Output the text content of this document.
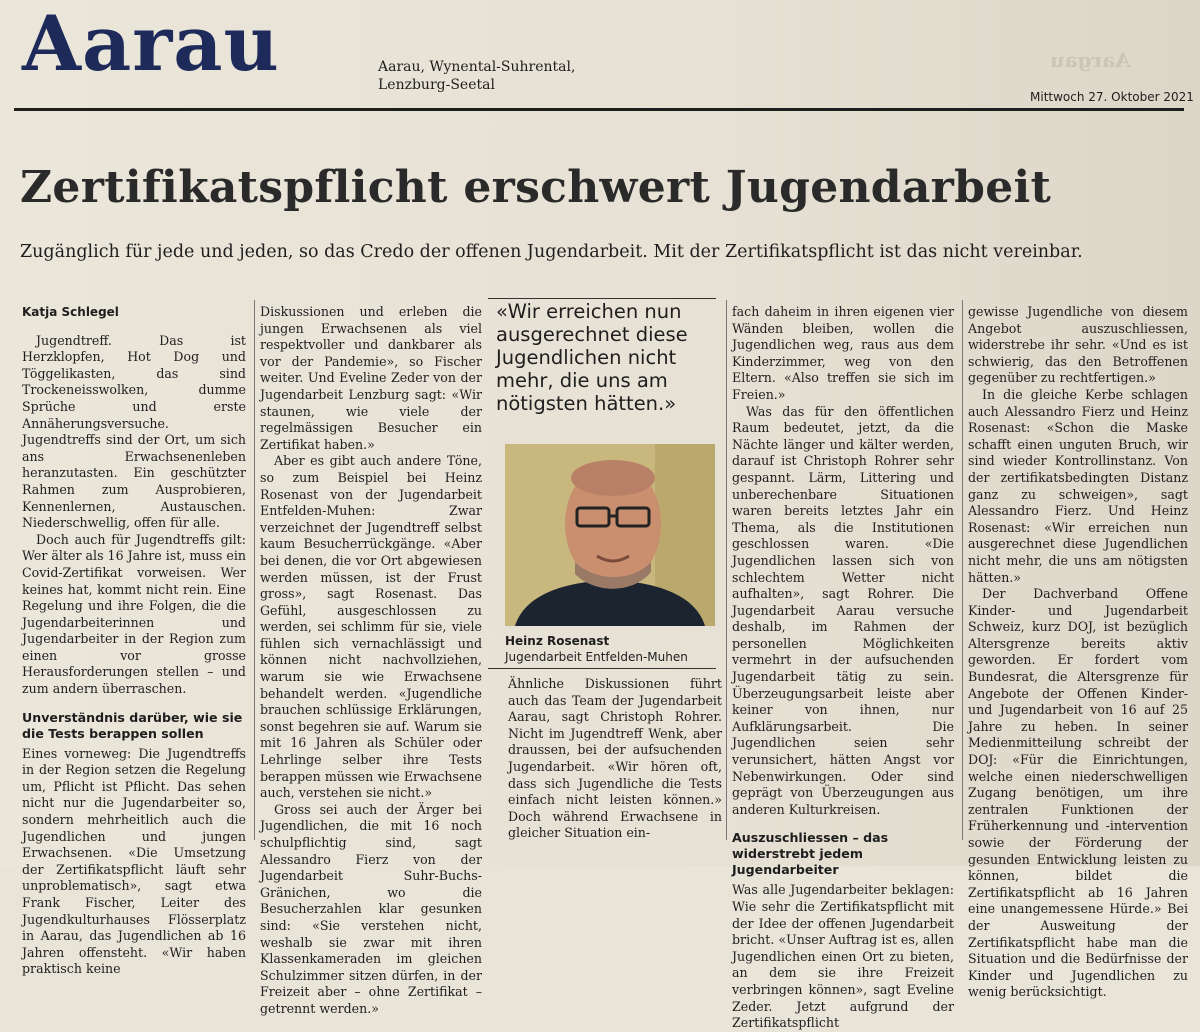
Aargau
Aarau	Aarau, Wynental-Suhrental,
Lenzburg-Seetal
Mittwoch 27. Oktober 2021
Zertifikatspflicht erschwert Jugendarbeit
Zugänglich für jede und jeden, so das Credo der offenen Jugendarbeit. Mit der Zertifikatspflicht ist das nicht vereinbar.

Katja Schlegel

Jugendtreff. Das ist Herzklopfen, Hot Dog und Töggelikasten, das sind Trockeneisswolken, dumme Sprüche und erste Annäherungsversuche. Jugendtreffs sind der Ort, um sich ans Erwachsenenleben heranzutasten. Ein geschützter Rahmen zum Ausprobieren, Kennenlernen, Austauschen. Niederschwellig, offen für alle.

Doch auch für Jugendtreffs gilt: Wer älter als 16 Jahre ist, muss ein Covid-Zertifikat vorweisen. Wer keines hat, kommt nicht rein. Eine Regelung und ihre Folgen, die die Jugendarbeiterinnen und Jugendarbeiter in der Region zum einen vor grosse Herausforderungen stellen – und zum andern überraschen.

Unverständnis darüber, wie sie die Tests berappen sollen

Eines vorneweg: Die Jugendtreffs in der Region setzen die Regelung um, Pflicht ist Pflicht. Das sehen nicht nur die Jugendarbeiter so, sondern mehrheitlich auch die Jugendlichen und jungen Erwachsenen. «Die Umsetzung der Zertifikatspflicht läuft sehr unproblematisch», sagt etwa Frank Fischer, Leiter des Jugendkulturhauses Flösserplatz in Aarau, das Jugendlichen ab 16 Jahren offensteht. «Wir haben praktisch keine

Diskussionen und erleben die jungen Erwachsenen als viel respektvoller und dankbarer als vor der Pandemie», so Fischer weiter. Und Eveline Zeder von der Jugendarbeit Lenzburg sagt: «Wir staunen, wie viele der regelmässigen Besucher ein Zertifikat haben.»

Aber es gibt auch andere Töne, so zum Beispiel bei Heinz Rosenast von der Jugendarbeit Entfelden-Muhen: Zwar verzeichnet der Jugendtreff selbst kaum Besucherrückgänge. «Aber bei denen, die vor Ort abgewiesen werden müssen, ist der Frust gross», sagt Rosenast. Das Gefühl, ausgeschlossen zu werden, sei schlimm für sie, viele fühlen sich vernachlässigt und können nicht nachvollziehen, warum sie wie Erwachsene behandelt werden. «Jugendliche brauchen schlüssige Erklärungen, sonst begehren sie auf. Warum sie mit 16 Jahren als Schüler oder Lehrlinge selber ihre Tests berappen müssen wie Erwachsene auch, verstehen sie nicht.»

Gross sei auch der Ärger bei Jugendlichen, die mit 16 noch schulpflichtig sind, sagt Alessandro Fierz von der Jugendarbeit Suhr-Buchs-Gränichen, wo die Besucherzahlen klar gesunken sind: «Sie verstehen nicht, weshalb sie zwar mit ihren Klassenkameraden im gleichen Schulzimmer sitzen dürfen, in der Freizeit aber – ohne Zertifikat – getrennt werden.»

«Wir erreichen nun ausgerechnet diese Jugendlichen nicht mehr, die uns am nötigsten hätten.»
Heinz Rosenast
Jugendarbeit Entfelden-Muhen
Ähnliche Diskussionen führt auch das Team der Jugendarbeit Aarau, sagt Christoph Rohrer. Nicht im Jugendtreff Wenk, aber draussen, bei der aufsuchenden Jugendarbeit. «Wir hören oft, dass sich Jugendliche die Tests einfach nicht leisten können.» Doch während Erwachsene in gleicher Situation ein-

fach daheim in ihren eigenen vier Wänden bleiben, wollen die Jugendlichen weg, raus aus dem Kinderzimmer, weg von den Eltern. «Also treffen sie sich im Freien.»

Was das für den öffentlichen Raum bedeutet, jetzt, da die Nächte länger und kälter werden, darauf ist Christoph Rohrer sehr gespannt. Lärm, Littering und unberechenbare Situationen waren bereits letztes Jahr ein Thema, als die Institutionen geschlossen waren. «Die Jugendlichen lassen sich von schlechtem Wetter nicht aufhalten», sagt Rohrer. Die Jugendarbeit Aarau versuche deshalb, im Rahmen der personellen Möglichkeiten vermehrt in der aufsuchenden Jugendarbeit tätig zu sein. Überzeugungsarbeit leiste aber keiner von ihnen, nur Aufklärungsarbeit. Die Jugendlichen seien sehr verunsichert, hätten Angst vor Nebenwirkungen. Oder sind geprägt von Überzeugungen aus anderen Kulturkreisen.

Auszuschliessen – das widerstrebt jedem Jugendarbeiter

Was alle Jugendarbeiter beklagen: Wie sehr die Zertifikatspflicht mit der Idee der offenen Jugendarbeit bricht. «Unser Auftrag ist es, allen Jugendlichen einen Ort zu bieten, an dem sie ihre Freizeit verbringen können», sagt Eveline Zeder. Jetzt aufgrund der Zertifikatspflicht

gewisse Jugendliche von diesem Angebot auszuschliessen, widerstrebe ihr sehr. «Und es ist schwierig, das den Betroffenen gegenüber zu rechtfertigen.»

In die gleiche Kerbe schlagen auch Alessandro Fierz und Heinz Rosenast: «Schon die Maske schafft einen unguten Bruch, wir sind wieder Kontrollinstanz. Von der zertifikatsbedingten Distanz ganz zu schweigen», sagt Alessandro Fierz. Und Heinz Rosenast: «Wir erreichen nun ausgerechnet diese Jugendlichen nicht mehr, die uns am nötigsten hätten.»

Der Dachverband Offene Kinder- und Jugendarbeit Schweiz, kurz DOJ, ist bezüglich Altersgrenze bereits aktiv geworden. Er fordert vom Bundesrat, die Altersgrenze für Angebote der Offenen Kinder- und Jugendarbeit von 16 auf 25 Jahre zu heben. In seiner Medienmitteilung schreibt der DOJ: «Für die Einrichtungen, welche einen niederschwelligen Zugang benötigen, um ihre zentralen Funktionen der Früherkennung und -intervention sowie der Förderung der gesunden Entwicklung leisten zu können, bildet die Zertifikatspflicht ab 16 Jahren eine unangemessene Hürde.» Bei der Ausweitung der Zertifikatspflicht habe man die Situation und die Bedürfnisse der Kinder und Jugendlichen zu wenig berücksichtigt.
